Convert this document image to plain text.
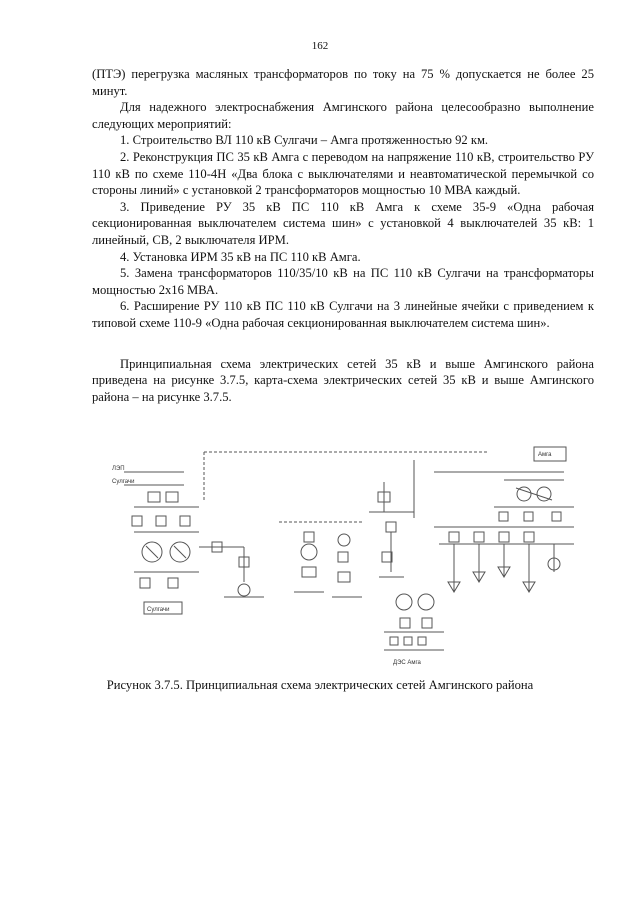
162

(ПТЭ) перегрузка масляных трансформаторов по току на 75 % допускается не более 25 минут.

Для надежного электроснабжения Амгинского района целесообразно выполнение следующих мероприятий:

1. Строительство ВЛ 110 кВ Сулгачи – Амга протяженностью 92 км.

2. Реконструкция ПС 35 кВ Амга с переводом на напряжение 110 кВ, строительство РУ 110 кВ по схеме 110-4Н «Два блока с выключателями и неавтоматической перемычкой со стороны линий» с установкой 2 трансформаторов мощностью 10 МВА каждый.

3. Приведение РУ 35 кВ ПС 110 кВ Амга к схеме 35-9 «Одна рабочая секционированная выключателем система шин» с установкой 4 выключателей 35 кВ: 1 линейный, СВ, 2 выключателя ИРМ.

4. Установка ИРМ 35 кВ на ПС 110 кВ Амга.

5. Замена трансформаторов 110/35/10 кВ на ПС 110 кВ Сулгачи на трансформаторы мощностью 2х16 МВА.

6. Расширение РУ 110 кВ ПС 110 кВ Сулгачи на 3 линейные ячейки с приведением к типовой схеме 110-9 «Одна рабочая секционированная выключателем система шин».

Принципиальная схема электрических сетей 35 кВ и выше Амгинского района приведена на рисунке 3.7.5, карта-схема электрических сетей 35 кВ и выше Амгинского района – на рисунке 3.7.5.

ЛЭП
Сулгачи
Сулгачи
Амга
ДЭС Амга
Рисунок 3.7.5. Принципиальная схема электрических сетей Амгинского района
